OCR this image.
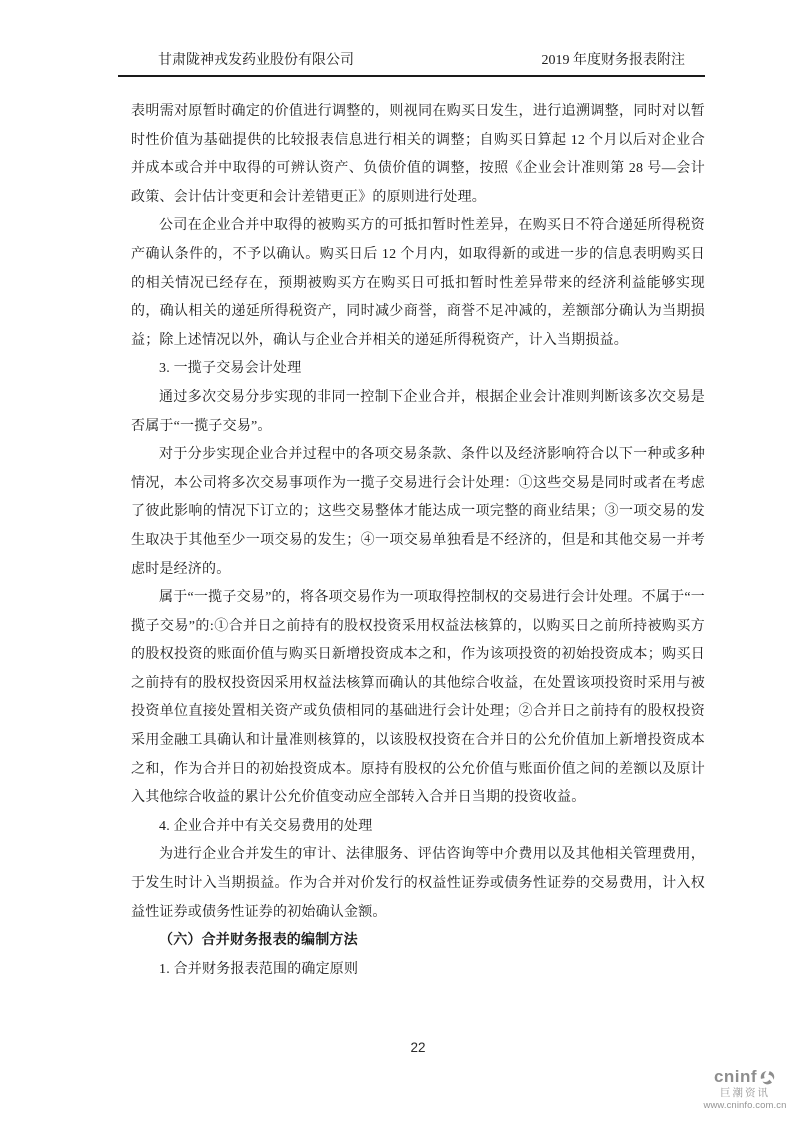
甘肃陇神戎发药业股份有限公司	2019 年度财务报表附注

表明需对原暂时确定的价值进行调整的，则视同在购买日发生，进行追溯调整，同时对以暂时性价值为基础提供的比较报表信息进行相关的调整；自购买日算起 12 个月以后对企业合并成本或合并中取得的可辨认资产、负债价值的调整，按照《企业会计准则第 28 号—会计政策、会计估计变更和会计差错更正》的原则进行处理。

公司在企业合并中取得的被购买方的可抵扣暂时性差异，在购买日不符合递延所得税资产确认条件的，不予以确认。购买日后 12 个月内，如取得新的或进一步的信息表明购买日的相关情况已经存在，预期被购买方在购买日可抵扣暂时性差异带来的经济利益能够实现的，确认相关的递延所得税资产，同时减少商誉，商誉不足冲减的，差额部分确认为当期损益；除上述情况以外，确认与企业合并相关的递延所得税资产，计入当期损益。

3. 一揽子交易会计处理

通过多次交易分步实现的非同一控制下企业合并，根据企业会计准则判断该多次交易是否属于“一揽子交易”。

对于分步实现企业合并过程中的各项交易条款、条件以及经济影响符合以下一种或多种情况，本公司将多次交易事项作为一揽子交易进行会计处理：①这些交易是同时或者在考虑了彼此影响的情况下订立的；这些交易整体才能达成一项完整的商业结果；③一项交易的发生取决于其他至少一项交易的发生；④一项交易单独看是不经济的，但是和其他交易一并考虑时是经济的。

属于“一揽子交易”的，将各项交易作为一项取得控制权的交易进行会计处理。不属于“一揽子交易”的:①合并日之前持有的股权投资采用权益法核算的，以购买日之前所持被购买方的股权投资的账面价值与购买日新增投资成本之和，作为该项投资的初始投资成本；购买日之前持有的股权投资因采用权益法核算而确认的其他综合收益，在处置该项投资时采用与被投资单位直接处置相关资产或负债相同的基础进行会计处理；②合并日之前持有的股权投资采用金融工具确认和计量准则核算的，以该股权投资在合并日的公允价值加上新增投资成本之和，作为合并日的初始投资成本。原持有股权的公允价值与账面价值之间的差额以及原计入其他综合收益的累计公允价值变动应全部转入合并日当期的投资收益。

4. 企业合并中有关交易费用的处理

为进行企业合并发生的审计、法律服务、评估咨询等中介费用以及其他相关管理费用，于发生时计入当期损益。作为合并对价发行的权益性证券或债务性证券的交易费用，计入权益性证券或债务性证券的初始确认金额。

（六）合并财务报表的编制方法

1. 合并财务报表范围的确定原则

22
cninf
巨潮资讯
www.cninfo.com.cn
